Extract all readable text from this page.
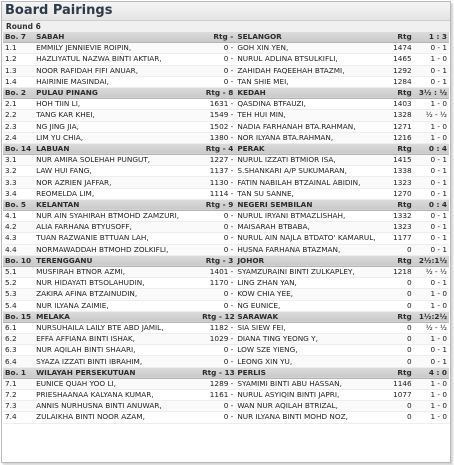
Board Pairings
Round 6
Bo. 7	SABAH	Rtg -	SELANGOR	Rtg	1 : 3
1.1	EMMILY JENNIEVIE ROIPIN,	0 -	GOH XIN YEN,	1474	0 - 1
1.2	HAZLIYATUL NAZWA BINTI AKTIAR,	0 -	NURUL ADLINA BTSULKIFLI,	1465	1 - 0
1.3	NOOR RAFIDAH FIFI ANUAR,	0 -	ZAHIDAH FAQEEHAH BTAZMI,	1292	0 - 1
1.4	HAIRINIE MASINDAI,	0 -	TAN SHIE MEI,	1284	0 - 1
Bo. 2	PULAU PINANG	Rtg - 8	KEDAH	Rtg	3½ : ½
2.1	HOH TIIN LI,	1631 -	QASDINA BTFAUZI,	1403	1 - 0
2.2	TANG KAR KHEI,	1549 -	TEH HUI MIN,	1328	½ - ½
2.3	NG JING JIA,	1502 -	NADIA FARHANAH BTA.RAHMAN,	1271	1 - 0
2.4	LIM YU CHIA,	1380 -	NOR ILYANA BTA.RAHMAN,	1216	1 - 0
Bo. 14	LABUAN	Rtg - 4	PERAK	Rtg	0 : 4
3.1	NUR AMIRA SOLEHAH PUNGUT,	1227 -	NURUL IZZATI BTMIOR ISA,	1415	0 - 1
3.2	LAW HUI FANG,	1137 -	S.SHANKARI A/P SUKUMARAN,	1338	0 - 1
3.3	NOR AZRIEN JAFFAR,	1130 -	FATIN NABILAH BTZAINAL ABIDIN,	1323	0 - 1
3.4	REOMELDA LIM,	1114 -	TAN SU SANNE,	1270	0 - 1
Bo. 5	KELANTAN	Rtg - 9	NEGERI SEMBILAN	Rtg	0 : 4
4.1	NUR AIN SYAHIRAH BTMOHD ZAMZURI,	0 -	NURUL IRYANI BTMAZLISHAH,	1332	0 - 1
4.2	ALIA FARHANA BTYUSOFF,	0 -	MAISARAH BTBABA,	1323	0 - 1
4.3	TUAN RAZWANIE BTTUAN LAH,	0 -	NURUL AIN NAJLA BTDATO' KAMARUL,	1177	0 - 1
4.4	NORMAWADDAH BTMOHD ZOLKIFLI,	0 -	HUSNA FARHANA BTAZMAN,	0	0 - 1
Bo. 10	TERENGGANU	Rtg - 3	JOHOR	Rtg	2½:1½
5.1	MUSFIRAH BTNOR AZMI,	1401 -	SYAMZURAINI BINTI ZULKAPLEY,	1218	½ - ½
5.2	NUR HIDAYATI BTSOLAHUDIN,	1170 -	LING ZHAN YAN,	0	0 - 1
5.3	ZAKIRA AFINA BTZAINUDIN,	0 -	KOW CHIA YEE,	0	1 - 0
5.4	NUR ILYANA ZAIMIE,	0 -	NG EUNICE,	0	1 - 0
Bo. 15	MELAKA	Rtg - 12	SARAWAK	Rtg	1½:2½
6.1	NURSUHAILA LAILY BTE ABD JAMIL,	1182 -	SIA SIEW FEI,	0	½ - ½
6.2	EFFA AFFIANA BINTI ISHAK,	1029 -	DIANA TING YEONG Y,	0	1 - 0
6.3	NUR AQILAH BINTI SHAARI,	0 -	LOW SZE YIENG,	0	0 - 1
6.4	SYAZA IZZATI BINTI IBRAHIM,	0 -	LEONG XIN YU,	0	0 - 1
Bo. 1	WILAYAH PERSEKUTUAN	Rtg - 13	PERLIS	Rtg	4 : 0
7.1	EUNICE QUAH YOO LI,	1289 -	SYAMIMI BINTI ABU HASSAN,	1146	1 - 0
7.2	PRIESHAANAA KALYANA KUMAR,	1161 -	NURUL ASYIQIN BINTI JAPRI,	1077	1 - 0
7.3	ANNIS NURHUSNA BINTI ANUWAR,	0 -	WAN NUR AQILAH BTRIZAL,	0	1 - 0
7.4	ZULAIKHA BINTI NOOR AZAM,	0 -	NUR ILYANA BINTI MOHD NOZ,	0	1 - 0
